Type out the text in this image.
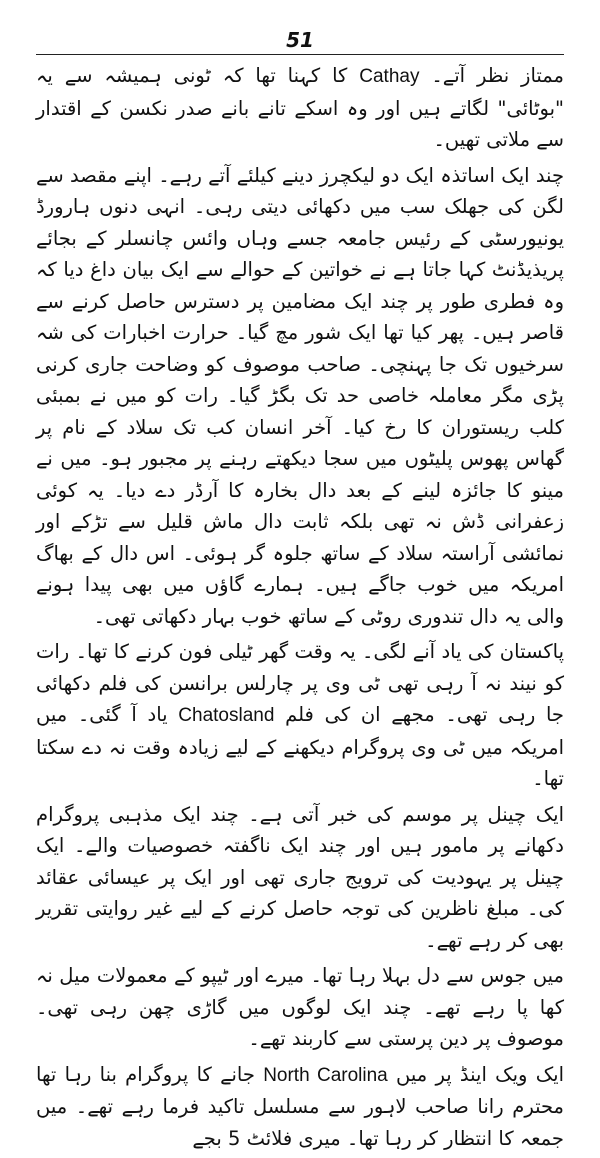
51

ممتاز نظر آتے۔ Cathay کا کہنا تھا کہ ٹونی ہمیشہ سے یہ "بوٹائی" لگاتے ہیں اور وہ اسکے تانے بانے صدر نکسن کے اقتدار سے ملاتی تھیں۔

چند ایک اساتذہ ایک دو لیکچرز دینے کیلئے آتے رہے۔ اپنے مقصد سے لگن کی جھلک سب میں دکھائی دیتی رہی۔ انہی دنوں ہارورڈ یونیورسٹی کے رئیس جامعہ جسے وہاں وائس چانسلر کے بجائے پریذیڈنٹ کہا جاتا ہے نے خواتین کے حوالے سے ایک بیان داغ دیا کہ وہ فطری طور پر چند ایک مضامین پر دسترس حاصل کرنے سے قاصر ہیں۔ پھر کیا تھا ایک شور مچ گیا۔ حرارت اخبارات کی شہ سرخیوں تک جا پہنچی۔ صاحب موصوف کو وضاحت جاری کرنی پڑی مگر معاملہ خاصی حد تک بگڑ گیا۔ رات کو میں نے بمبئی کلب ریستوران کا رخ کیا۔ آخر انسان کب تک سلاد کے نام پر گھاس پھوس پلیٹوں میں سجا دیکھتے رہنے پر مجبور ہو۔ میں نے مینو کا جائزہ لینے کے بعد دال بخارہ کا آرڈر دے دیا۔ یہ کوئی زعفرانی ڈش نہ تھی بلکہ ثابت دال ماش قلیل سے تڑکے اور نمائشی آراستہ سلاد کے ساتھ جلوہ گر ہوئی۔ اس دال کے بھاگ امریکہ میں خوب جاگے ہیں۔ ہمارے گاؤں میں بھی پیدا ہونے والی یہ دال تندوری روٹی کے ساتھ خوب بہار دکھاتی تھی۔

پاکستان کی یاد آنے لگی۔ یہ وقت گھر ٹیلی فون کرنے کا تھا۔ رات کو نیند نہ آ رہی تھی ٹی وی پر چارلس برانسن کی فلم دکھائی جا رہی تھی۔ مجھے ان کی فلم Chatosland یاد آ گئی۔ میں امریکہ میں ٹی وی پروگرام دیکھنے کے لیے زیادہ وقت نہ دے سکتا تھا۔

ایک چینل پر موسم کی خبر آتی ہے۔ چند ایک مذہبی پروگرام دکھانے پر مامور ہیں اور چند ایک ناگفتہ خصوصیات والے۔ ایک چینل پر یہودیت کی ترویج جاری تھی اور ایک پر عیسائی عقائد کی۔ مبلغ ناظرین کی توجہ حاصل کرنے کے لیے غیر روایتی تقریر بھی کر رہے تھے۔

میں جوس سے دل بہلا رہا تھا۔ میرے اور ٹیپو کے معمولات میل نہ کھا پا رہے تھے۔ چند ایک لوگوں میں گاڑی چھن رہی تھی۔ موصوف پر دین پرستی سے کاربند تھے۔

ایک ویک اینڈ پر میں North Carolina جانے کا پروگرام بنا رہا تھا محترم رانا صاحب لاہور سے مسلسل تاکید فرما رہے تھے۔ میں جمعہ کا انتظار کر رہا تھا۔ میری فلائٹ 5 بجے
